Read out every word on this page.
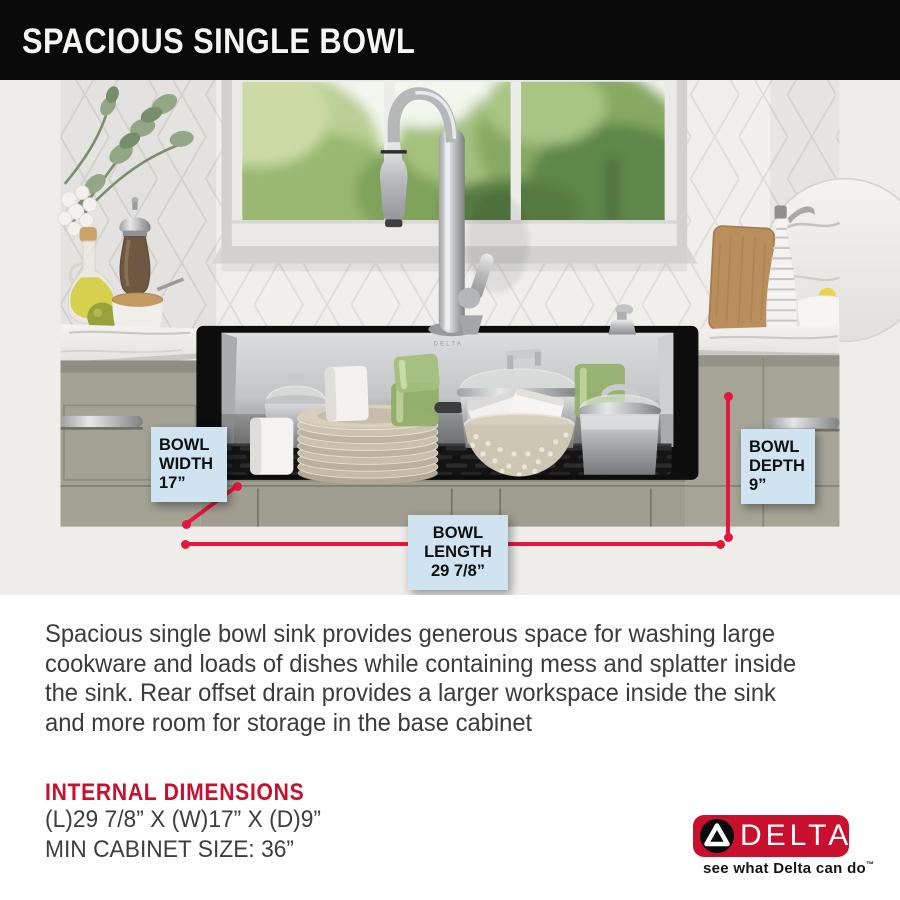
SPACIOUS SINGLE BOWL
DELTA
BOWL
WIDTH
17”
BOWL
DEPTH
9”
BOWL
LENGTH
29 7/8”
Spacious single bowl sink provides generous space for washing large
cookware and loads of dishes while containing mess and splatter inside
the sink. Rear offset drain provides a larger workspace inside the sink
and more room for storage in the base cabinet
INTERNAL DIMENSIONS
(L)29 7/8” X (W)17” X (D)9”
MIN CABINET SIZE: 36”	DELTA
see what Delta can do™
